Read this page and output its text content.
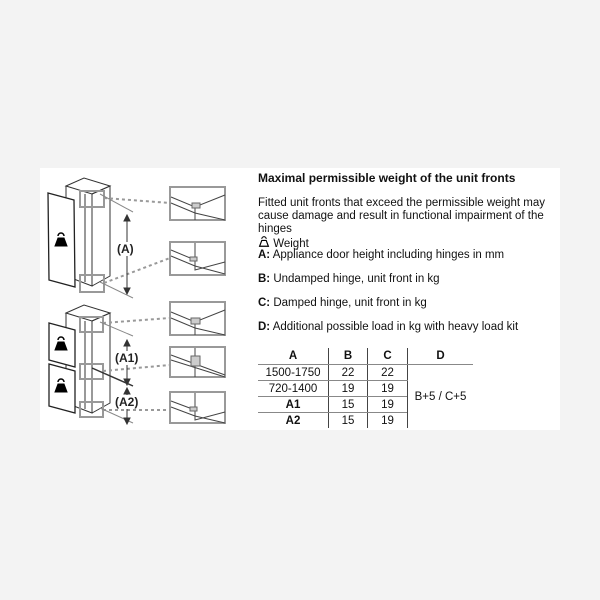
(A)
(A1)
(A2)
Maximal permissible weight of the unit fronts
Fitted unit fronts that exceed the permissible weight may cause damage and result in functional impairment of the hinges
Weight
A: Appliance door height including hinges in mm
B: Undamped hinge, unit front in kg
C: Damped hinge, unit front in kg
D: Additional possible load in kg with heavy load kit
A	B	C	D
1500-1750	22	22	B+5 / C+5
720-1400	19	19	
A1	15	19	
A2	15	19	
